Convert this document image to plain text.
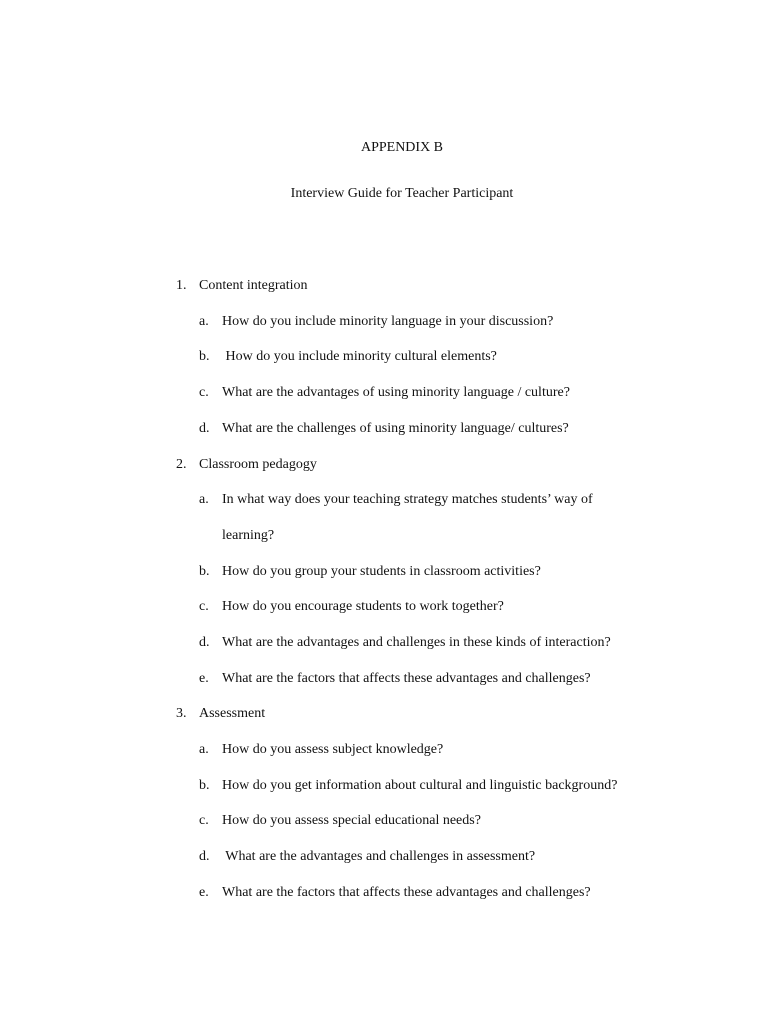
APPENDIX B
Interview Guide for Teacher Participant
1. Content integration
a. How do you include minority language in your discussion?
b. How do you include minority cultural elements?
c. What are the advantages of using minority language / culture?
d. What are the challenges of using minority language/ cultures?
2. Classroom pedagogy
a. In what way does your teaching strategy matches students’ way of
learning?
b. How do you group your students in classroom activities?
c. How do you encourage students to work together?
d. What are the advantages and challenges in these kinds of interaction?
e. What are the factors that affects these advantages and challenges?
3. Assessment
a. How do you assess subject knowledge?
b. How do you get information about cultural and linguistic background?
c. How do you assess special educational needs?
d. What are the advantages and challenges in assessment?
e. What are the factors that affects these advantages and challenges?
